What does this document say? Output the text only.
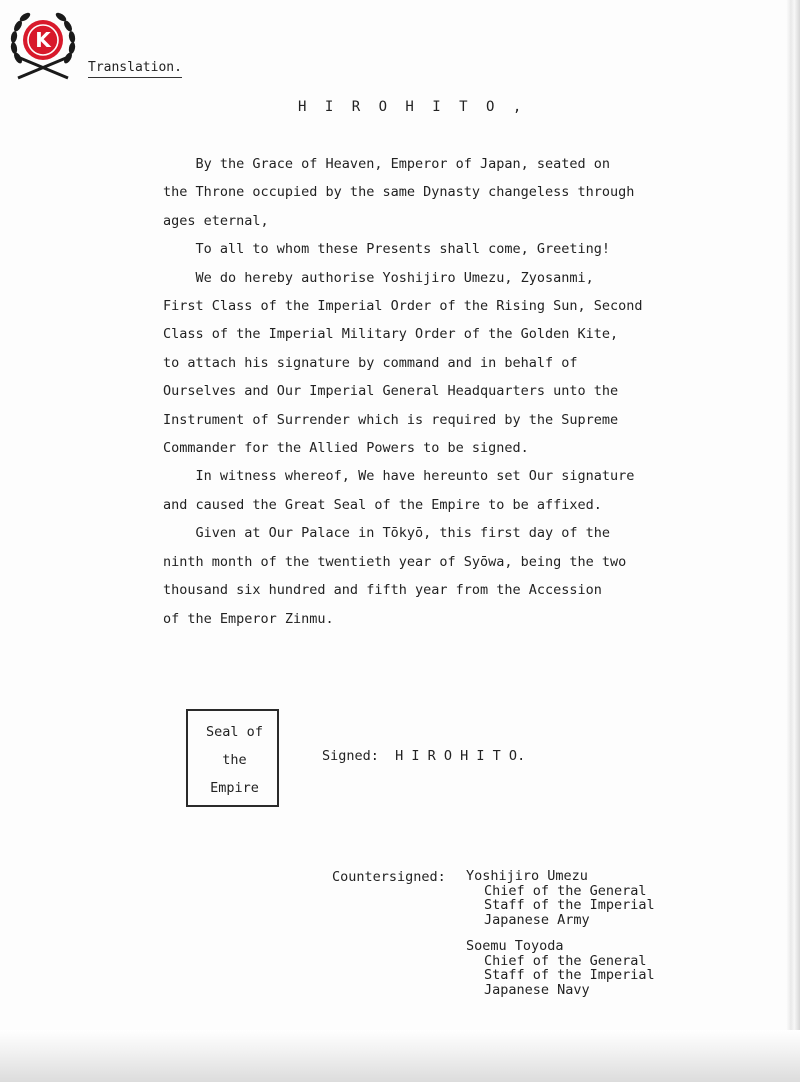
K
Translation.
H I R O H I T O ,

By the Grace of Heaven, Emperor of Japan, seated on

the Throne occupied by the same Dynasty changeless through

ages eternal,

To all to whom these Presents shall come, Greeting!

We do hereby authorise Yoshijiro Umezu, Zyosanmi,

First Class of the Imperial Order of the Rising Sun, Second

Class of the Imperial Military Order of the Golden Kite,

to attach his signature by command and in behalf of

Ourselves and Our Imperial General Headquarters unto the

Instrument of Surrender which is required by the Supreme

Commander for the Allied Powers to be signed.

In witness whereof, We have hereunto set Our signature

and caused the Great Seal of the Empire to be affixed.

Given at Our Palace in Tōkyō, this first day of the

ninth month of the twentieth year of Syōwa, being the two

thousand six hundred and fifth year from the Accession

of the Emperor Zinmu.

Seal of
the
Empire
Signed:  H I R O H I T O.
Countersigned: Yoshijiro Umezu
Chief of the General
Staff of the Imperial
Japanese Army
Soemu Toyoda
Chief of the General
Staff of the Imperial
Japanese Navy
